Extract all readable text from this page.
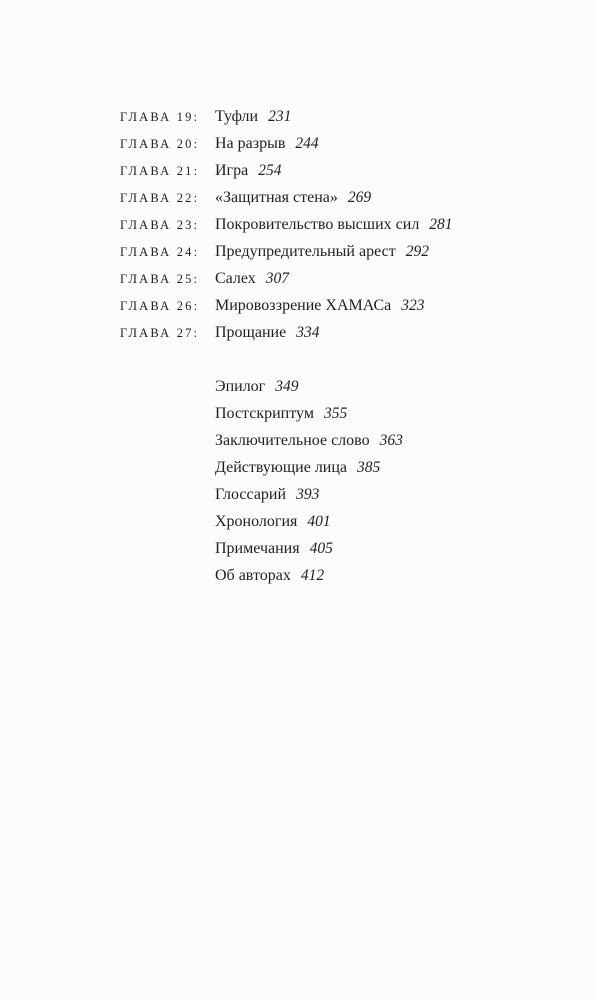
ГЛАВА 19: Туфли 231
ГЛАВА 20: На разрыв 244
ГЛАВА 21: Игра 254
ГЛАВА 22: «Защитная стена» 269
ГЛАВА 23: Покровительство высших сил 281
ГЛАВА 24: Предупредительный арест 292
ГЛАВА 25: Салех 307
ГЛАВА 26: Мировоззрение ХАМАСа 323
ГЛАВА 27: Прощание 334
Эпилог 349
Постскриптум 355
Заключительное слово 363
Действующие лица 385
Глоссарий 393
Хронология 401
Примечания 405
Об авторах 412
